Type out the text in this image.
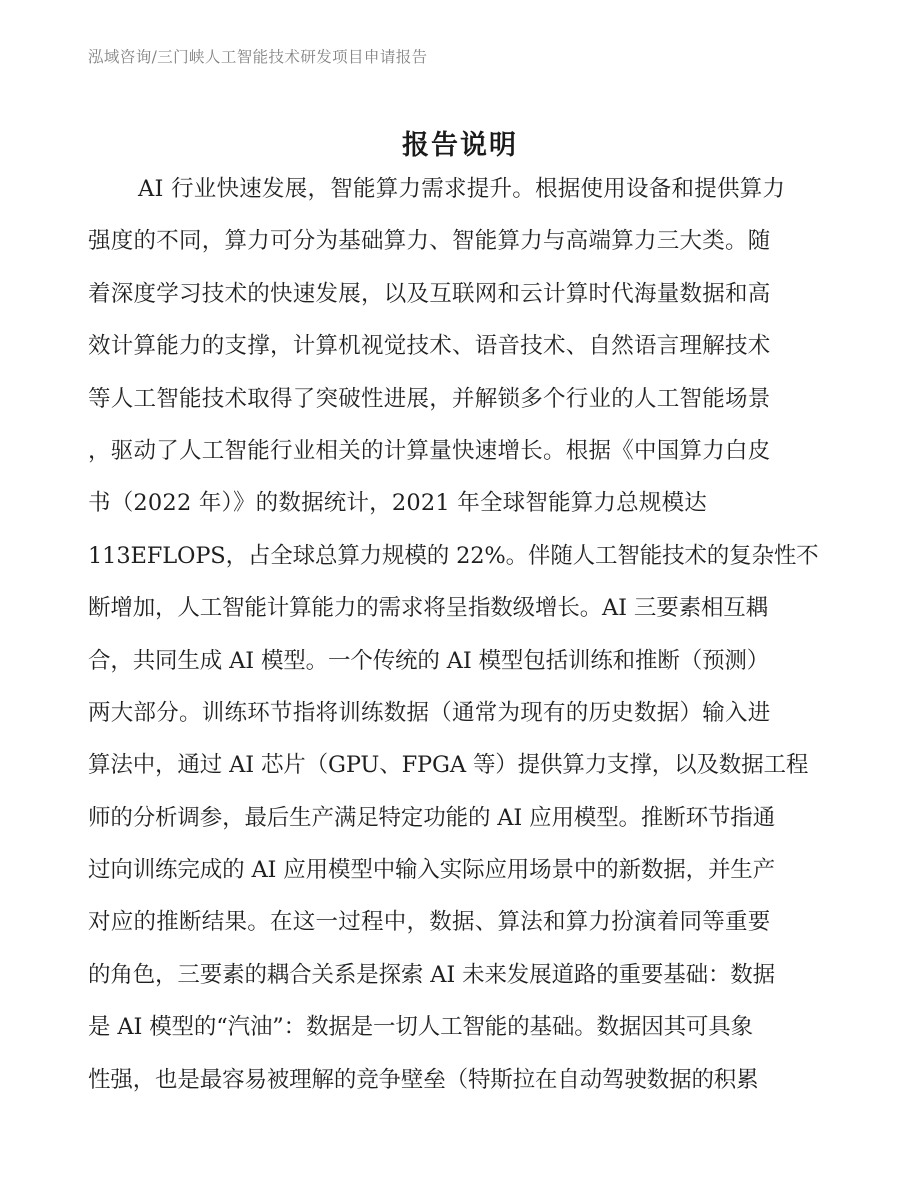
泓域咨询/三门峡人工智能技术研发项目申请报告
报告说明
AI 行业快速发展，智能算力需求提升。根据使用设备和提供算力
强度的不同，算力可分为基础算力、智能算力与高端算力三大类。随
着深度学习技术的快速发展，以及互联网和云计算时代海量数据和高
效计算能力的支撑，计算机视觉技术、语音技术、自然语言理解技术
等人工智能技术取得了突破性进展，并解锁多个行业的人工智能场景
，驱动了人工智能行业相关的计算量快速增长。根据《中国算力白皮
书（2022 年）》的数据统计，2021 年全球智能算力总规模达
113EFLOPS，占全球总算力规模的 22%。伴随人工智能技术的复杂性不
断增加，人工智能计算能力的需求将呈指数级增长。AI 三要素相互耦
合，共同生成 AI 模型。一个传统的 AI 模型包括训练和推断（预测）
两大部分。训练环节指将训练数据（通常为现有的历史数据）输入进
算法中，通过 AI 芯片（GPU、FPGA 等）提供算力支撑，以及数据工程
师的分析调参，最后生产满足特定功能的 AI 应用模型。推断环节指通
过向训练完成的 AI 应用模型中输入实际应用场景中的新数据，并生产
对应的推断结果。在这一过程中，数据、算法和算力扮演着同等重要
的角色，三要素的耦合关系是探索 AI 未来发展道路的重要基础：数据
是 AI 模型的“汽油”：数据是一切人工智能的基础。数据因其可具象
性强，也是最容易被理解的竞争壁垒（特斯拉在自动驾驶数据的积累
